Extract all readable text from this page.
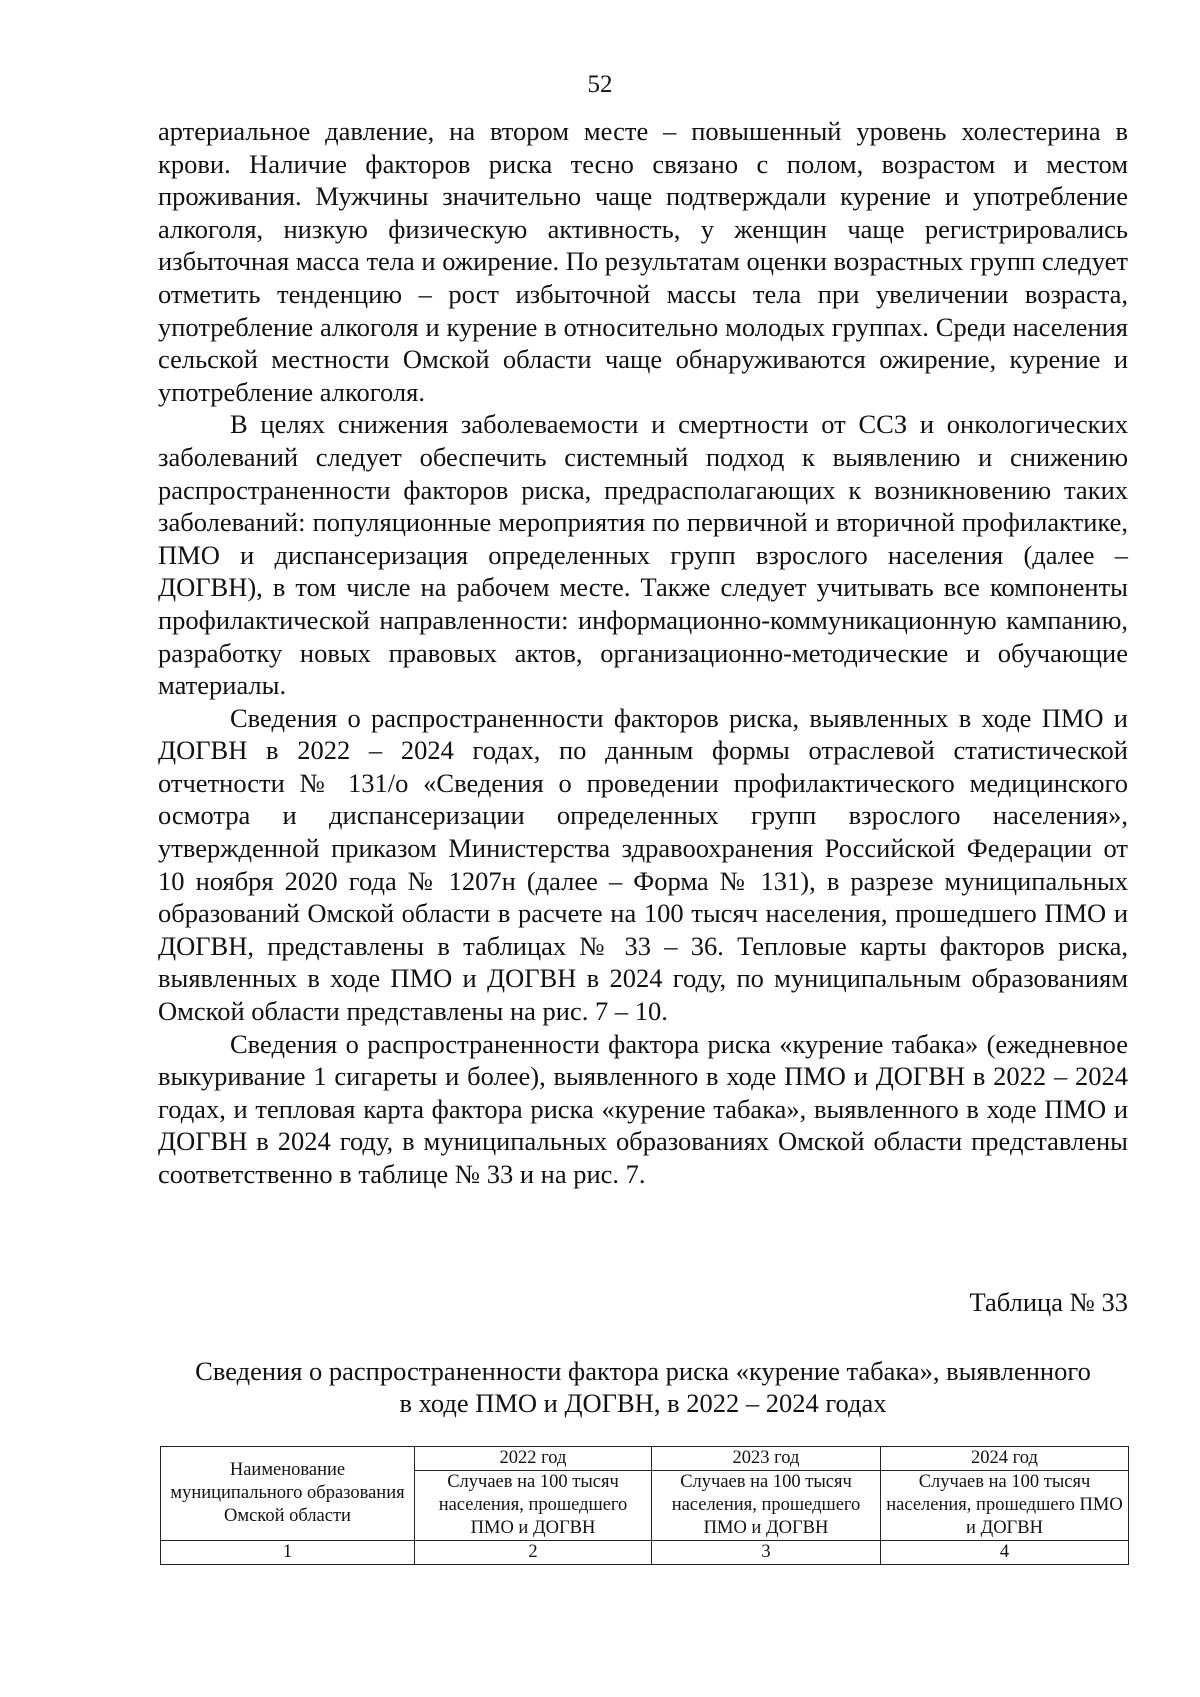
52

артериальное давление, на втором месте – повышенный уровень холестерина в крови. Наличие факторов риска тесно связано с полом, возрастом и местом проживания. Мужчины значительно чаще подтверждали курение и употребление алкоголя, низкую физическую активность, у женщин чаще регистрировались избыточная масса тела и ожирение. По результатам оценки возрастных групп следует отметить тенденцию – рост избыточной массы тела при увеличении возраста, употребление алкоголя и курение в относительно молодых группах. Среди населения сельской местности Омской области чаще обнаруживаются ожирение, курение и употребление алкоголя.

В целях снижения заболеваемости и смертности от ССЗ и онкологических заболеваний следует обеспечить системный подход к выявлению и снижению распространенности факторов риска, предрасполагающих к возникновению таких заболеваний: популяционные мероприятия по первичной и вторичной профилактике, ПМО и диспансеризация определенных групп взрослого населения (далее – ДОГВН), в том числе на рабочем месте. Также следует учитывать все компоненты профилактической направленности: информационно-коммуникационную кампанию, разработку новых правовых актов, организационно-методические и обучающие материалы.

Сведения о распространенности факторов риска, выявленных в ходе ПМО и ДОГВН в 2022 – 2024 годах, по данным формы отраслевой статистической отчетности № 131/о «Сведения о проведении профилактического медицинского осмотра и диспансеризации определенных групп взрослого населения», утвержденной приказом Министерства здравоохранения Российской Федерации от 10 ноября 2020 года № 1207н (далее – Форма № 131), в разрезе муниципальных образований Омской области в расчете на 100 тысяч населения, прошедшего ПМО и ДОГВН, представлены в таблицах № 33 – 36. Тепловые карты факторов риска, выявленных в ходе ПМО и ДОГВН в 2024 году, по муниципальным образованиям Омской области представлены на рис. 7 – 10.

Сведения о распространенности фактора риска «курение табака» (ежедневное выкуривание 1 сигареты и более), выявленного в ходе ПМО и ДОГВН в 2022 – 2024 годах, и тепловая карта фактора риска «курение табака», выявленного в ходе ПМО и ДОГВН в 2024 году, в муниципальных образованиях Омской области представлены соответственно в таблице № 33 и на рис. 7.

Таблица № 33
Сведения о распространенности фактора риска «курение табака», выявленного
в ходе ПМО и ДОГВН, в 2022 – 2024 годах
Наименование муниципального образования Омской области	2022 год	2023 год	2024 год
	Случаев на 100 тысяч населения, прошедшего ПМО и ДОГВН	Случаев на 100 тысяч населения, прошедшего ПМО и ДОГВН	Случаев на 100 тысяч населения, прошедшего ПМО и ДОГВН
1	2	3	4
